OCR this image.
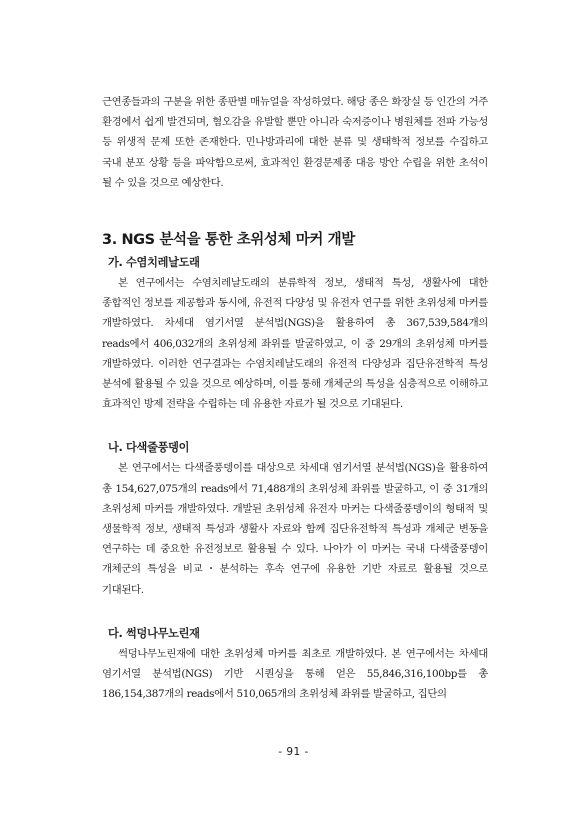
근연종들과의 구분을 위한 종판별 매뉴얼을 작성하였다. 해당 종은 화장실 등 인간의 거주 환경에서 쉽게 발견되며, 혐오감을 유발할 뿐만 아니라 숙저증이나 병원체를 전파 가능성 등 위생적 문제 또한 존재한다. 민나방과리에 대한 분류 및 생태학적 정보를 수집하고 국내 분포 상황 등을 파악함으로써, 효과적인 환경문제종 대응 방안 수립을 위한 초석이 될 수 있을 것으로 예상한다.

3. NGS 분석을 통한 초위성체 마커 개발
가. 수염치레날도래

본 연구에서는 수염치레날도래의 분류학적 정보, 생태적 특성, 생활사에 대한 종합적인 정보를 제공함과 동시에, 유전적 다양성 및 유전자 연구를 위한 초위성체 마커를 개발하였다. 차세대 염기서열 분석법(NGS)을 활용하여 총 367,539,584개의 reads에서 406,032개의 초위성체 좌위를 발굴하였고, 이 중 29개의 초위성체 마커를 개발하였다. 이러한 연구결과는 수염치레날도래의 유전적 다양성과 집단유전학적 특성 분석에 활용될 수 있을 것으로 예상하며, 이를 통해 개체군의 특성을 심층적으로 이해하고 효과적인 방제 전략을 수립하는 데 유용한 자료가 될 것으로 기대된다.

나. 다색줄풍뎅이

본 연구에서는 다색줄풍뎅이를 대상으로 차세대 염기서열 분석법(NGS)을 활용하여 총 154,627,075개의 reads에서 71,488개의 초위성체 좌위를 발굴하고, 이 중 31개의 초위성체 마커를 개발하였다. 개발된 초위성체 유전자 마커는 다색줄풍뎅이의 형태적 및 생물학적 정보, 생태적 특성과 생활사 자료와 함께 집단유전학적 특성과 개체군 변동을 연구하는 데 중요한 유전정보로 활용될 수 있다. 나아가 이 마커는 국내 다색줄풍뎅이 개체군의 특성을 비교・분석하는 후속 연구에 유용한 기반 자료로 활용될 것으로 기대된다.

다. 썩덩나무노린재

썩덩나무노린재에 대한 초위성체 마커를 최초로 개발하였다. 본 연구에서는 차세대 염기서열 분석법(NGS) 기반 시퀀싱을 통해 얻은 55,846,316,100bp를 총 186,154,387개의 reads에서 510,065개의 초위성체 좌위를 발굴하고, 집단의

- 91 -
